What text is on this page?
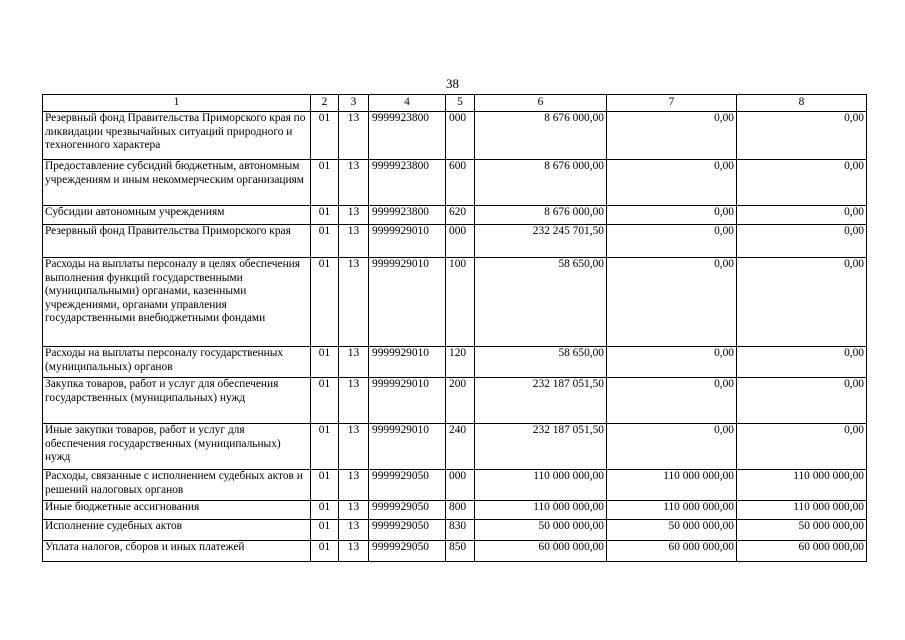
38
1	2	3	4	5	6	7	8
Резервный фонд Правительства Приморского края по ликвидации чрезвычайных ситуаций природного и техногенного характера	01	13	9999923800	000	8 676 000,00	0,00	0,00
Предоставление субсидий бюджетным, автономным учреждениям и иным некоммерческим организациям	01	13	9999923800	600	8 676 000,00	0,00	0,00
Субсидии автономным учреждениям	01	13	9999923800	620	8 676 000,00	0,00	0,00
Резервный фонд Правительства Приморского края	01	13	9999929010	000	232 245 701,50	0,00	0,00
Расходы на выплаты персоналу в целях обеспечения выполнения функций государственными (муниципальными) органами, казенными учреждениями, органами управления государственными внебюджетными фондами	01	13	9999929010	100	58 650,00	0,00	0,00
Расходы на выплаты персоналу государственных (муниципальных) органов	01	13	9999929010	120	58 650,00	0,00	0,00
Закупка товаров, работ и услуг для обеспечения государственных (муниципальных) нужд	01	13	9999929010	200	232 187 051,50	0,00	0,00
Иные закупки товаров, работ и услуг для обеспечения государственных (муниципальных) нужд	01	13	9999929010	240	232 187 051,50	0,00	0,00
Расходы, связанные с исполнением судебных актов и решений налоговых органов	01	13	9999929050	000	110 000 000,00	110 000 000,00	110 000 000,00
Иные бюджетные ассигнования	01	13	9999929050	800	110 000 000,00	110 000 000,00	110 000 000,00
Исполнение судебных актов	01	13	9999929050	830	50 000 000,00	50 000 000,00	50 000 000,00
Уплата налогов, сборов и иных платежей	01	13	9999929050	850	60 000 000,00	60 000 000,00	60 000 000,00
